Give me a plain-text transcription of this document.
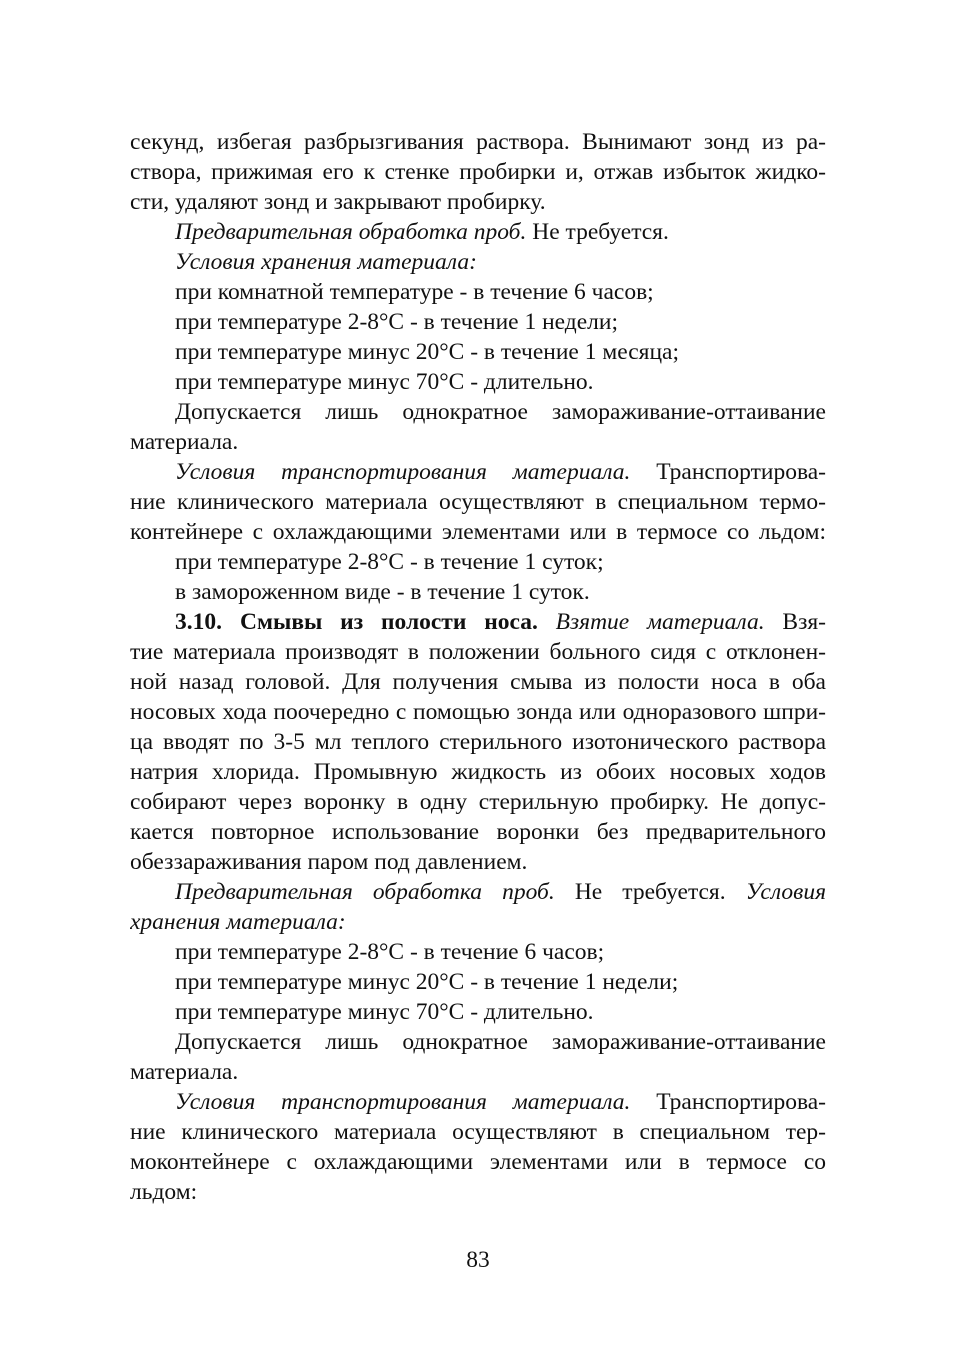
секунд, избегая разбрызгивания раствора. Вынимают зонд из ра-
створа, прижимая его к стенке пробирки и, отжав избыток жидко-
сти, удаляют зонд и закрывают пробирку.
Предварительная обработка проб. Не требуется.
Условия хранения материала:
при комнатной температуре - в течение 6 часов;
при температуре 2-8°С - в течение 1 недели;
при температуре минус 20°С - в течение 1 месяца;
при температуре минус 70°С - длительно.
Допускается лишь однократное замораживание-оттаивание
материала.
Условия транспортирования материала. Транспортирова-
ние клинического материала осуществляют в специальном термо-
контейнере с охлаждающими элементами или в термосе со льдом:
при температуре 2-8°С - в течение 1 суток;
в замороженном виде - в течение 1 суток.
3.10. Смывы из полости носа. Взятие материала. Взя-
тие материала производят в положении больного сидя с отклонен-
ной назад головой. Для получения смыва из полости носа в оба
носовых хода поочередно с помощью зонда или одноразового шпри-
ца вводят по 3-5 мл теплого стерильного изотонического раствора
натрия хлорида. Промывную жидкость из обоих носовых ходов
собирают через воронку в одну стерильную пробирку. Не допус-
кается повторное использование воронки без предварительного
обеззараживания паром под давлением.
Предварительная обработка проб. Не требуется. Условия
хранения материала:
при температуре 2-8°С - в течение 6 часов;
при температуре минус 20°С - в течение 1 недели;
при температуре минус 70°С - длительно.
Допускается лишь однократное замораживание-оттаивание
материала.
Условия транспортирования материала. Транспортирова-
ние клинического материала осуществляют в специальном тер-
моконтейнере с охлаждающими элементами или в термосе со
льдом:
83
